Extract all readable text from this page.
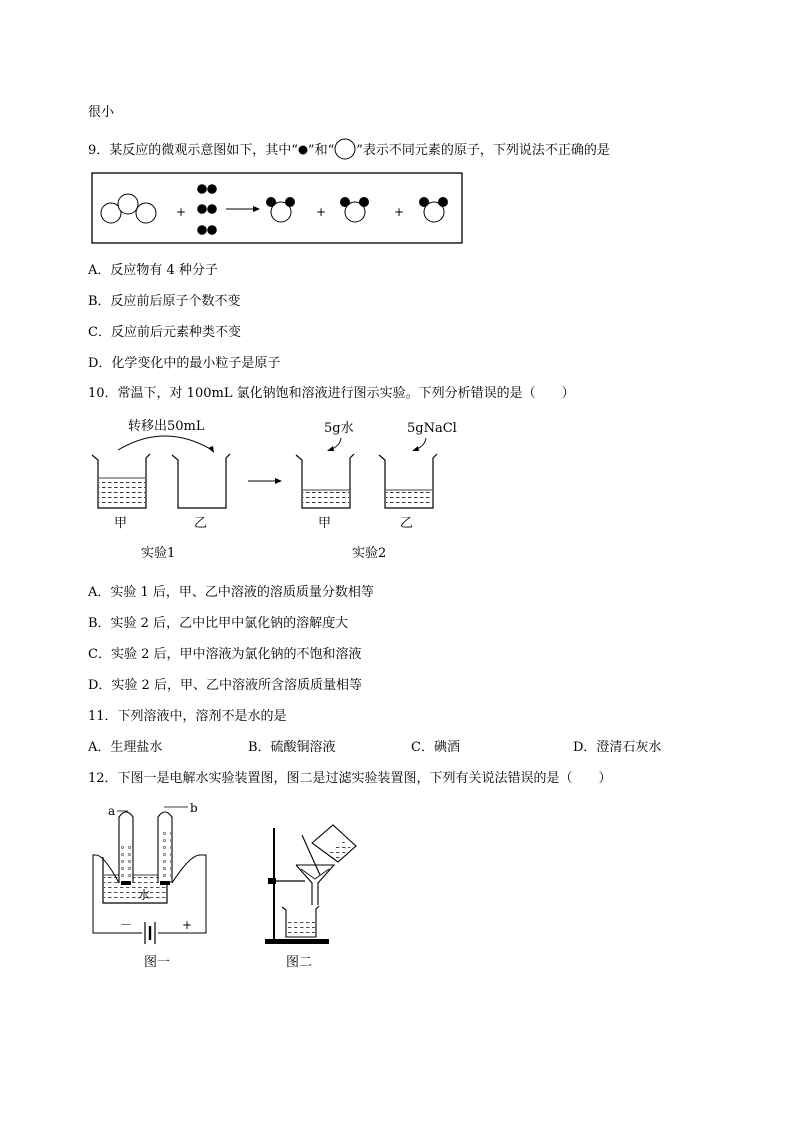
很小
9．某反应的微观示意图如下，其中“ ”和“ ”表示不同元素的原子，下列说法不正确的是
+	+	+
A．反应物有 4 种分子
B．反应前后原子个数不变
C．反应前后元素种类不变
D．化学变化中的最小粒子是原子
10．常温下，对 100mL 氯化钠饱和溶液进行图示实验。下列分析错误的是（　　）
转移出50mL
甲	乙
实验1
5g水	5gNaCl
甲	乙
实验2
A．实验 1 后，甲、乙中溶液的溶质质量分数相等
B．实验 2 后，乙中比甲中氯化钠的溶解度大
C．实验 2 后，甲中溶液为氯化钠的不饱和溶液
D．实验 2 后，甲、乙中溶液所含溶质质量相等
11．下列溶液中，溶剂不是水的是
A．生理盐水	B．硫酸铜溶液	C．碘酒	D．澄清石灰水
12．下图一是电解水实验装置图，图二是过滤实验装置图，下列有关说法错误的是（　　）
a	b
水
－	+
图一	图二
